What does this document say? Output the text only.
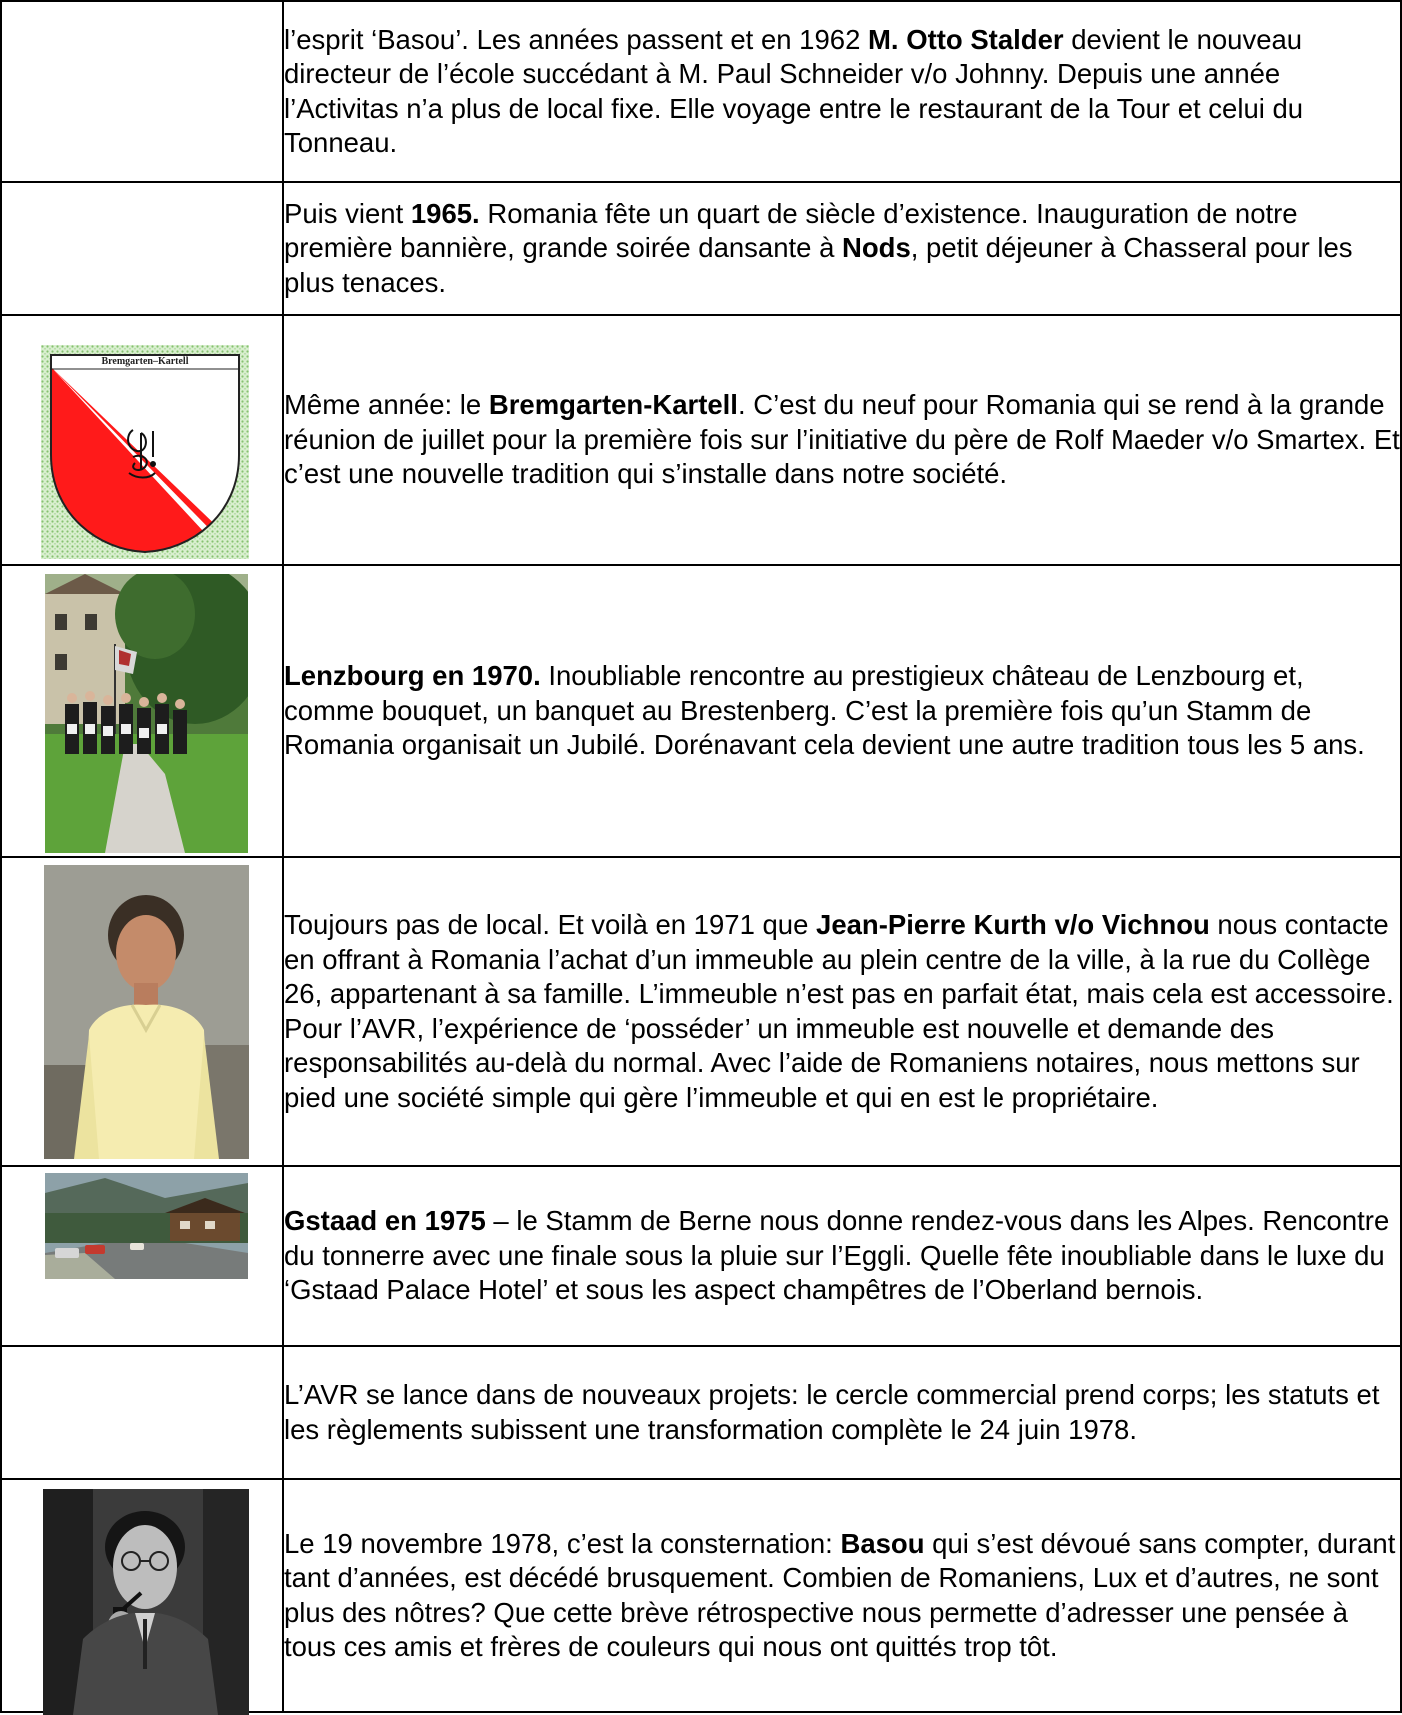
	l’esprit ‘Basou’. Les années passent et en 1962 M. Otto Stalder devient le nouveau directeur de l’école succédant à M. Paul Schneider v/o Johnny. Depuis une année l’Activitas n’a plus de local fixe. Elle voyage entre le restaurant de la Tour et celui du Tonneau.
	Puis vient 1965. Romania fête un quart de siècle d’existence. Inauguration de notre première bannière, grande soirée dansante à Nods, petit déjeuner à Chasseral pour les plus tenaces.

Bremgarten–Kartell	Même année: le Bremgarten-Kartell. C’est du neuf pour Romania qui se rend à la grande réunion de juillet pour la première fois sur l’initiative du père de Rolf Maeder v/o Smartex. Et c’est une nouvelle tradition qui s’installe dans notre société.

	Lenzbourg en 1970. Inoubliable rencontre au prestigieux château de Lenzbourg et, comme bouquet, un banquet au Brestenberg. C’est la première fois qu’un Stamm de Romania organisait un Jubilé. Dorénavant cela devient une autre tradition tous les 5 ans.

	Toujours pas de local. Et voilà en 1971 que Jean-Pierre Kurth v/o Vichnou nous contacte en offrant à Romania l’achat d’un immeuble au plein centre de la ville, à la rue du Collège 26, appartenant à sa famille. L’immeuble n’est pas en parfait état, mais cela est accessoire. Pour l’AVR, l’expérience de ‘posséder’ un immeuble est nouvelle et demande des responsabilités au-delà du normal. Avec l’aide de Romaniens notaires, nous mettons sur pied une société simple qui gère l’immeuble et qui en est le propriétaire.

	Gstaad en 1975 – le Stamm de Berne nous donne rendez-vous dans les Alpes. Rencontre du tonnerre avec une finale sous la pluie sur l’Eggli. Quelle fête inoubliable dans le luxe du ‘Gstaad Palace Hotel’ et sous les aspect champêtres de l’Oberland bernois.
	L’AVR se lance dans de nouveaux projets: le cercle commercial prend corps; les statuts et les règlements subissent une transformation complète le 24 juin 1978.

	Le 19 novembre 1978, c’est la consternation: Basou qui s’est dévoué sans compter, durant tant d’années, est décédé brusquement. Combien de Romaniens, Lux et d’autres, ne sont plus des nôtres? Que cette brève rétrospective nous permette d’adresser une pensée à tous ces amis et frères de couleurs qui nous ont quittés trop tôt.
